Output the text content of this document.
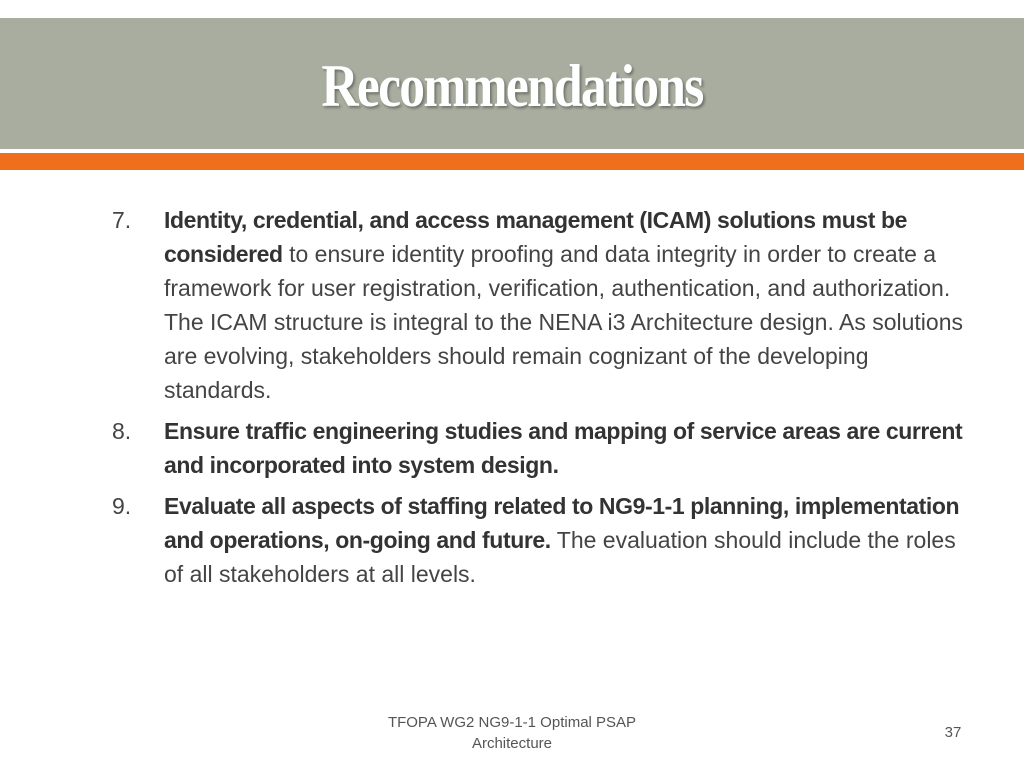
Recommendations
7. Identity, credential, and access management (ICAM) solutions must be considered to ensure identity proofing and data integrity in order to create a framework for user registration, verification, authentication, and authorization. The ICAM structure is integral to the NENA i3 Architecture design. As solutions are evolving, stakeholders should remain cognizant of the developing standards.
8. Ensure traffic engineering studies and mapping of service areas are current and incorporated into system design.
9. Evaluate all aspects of staffing related to NG9-1-1 planning, implementation and operations, on-going and future. The evaluation should include the roles of all stakeholders at all levels.
TFOPA WG2 NG9-1-1 Optimal PSAP
Architecture
37
